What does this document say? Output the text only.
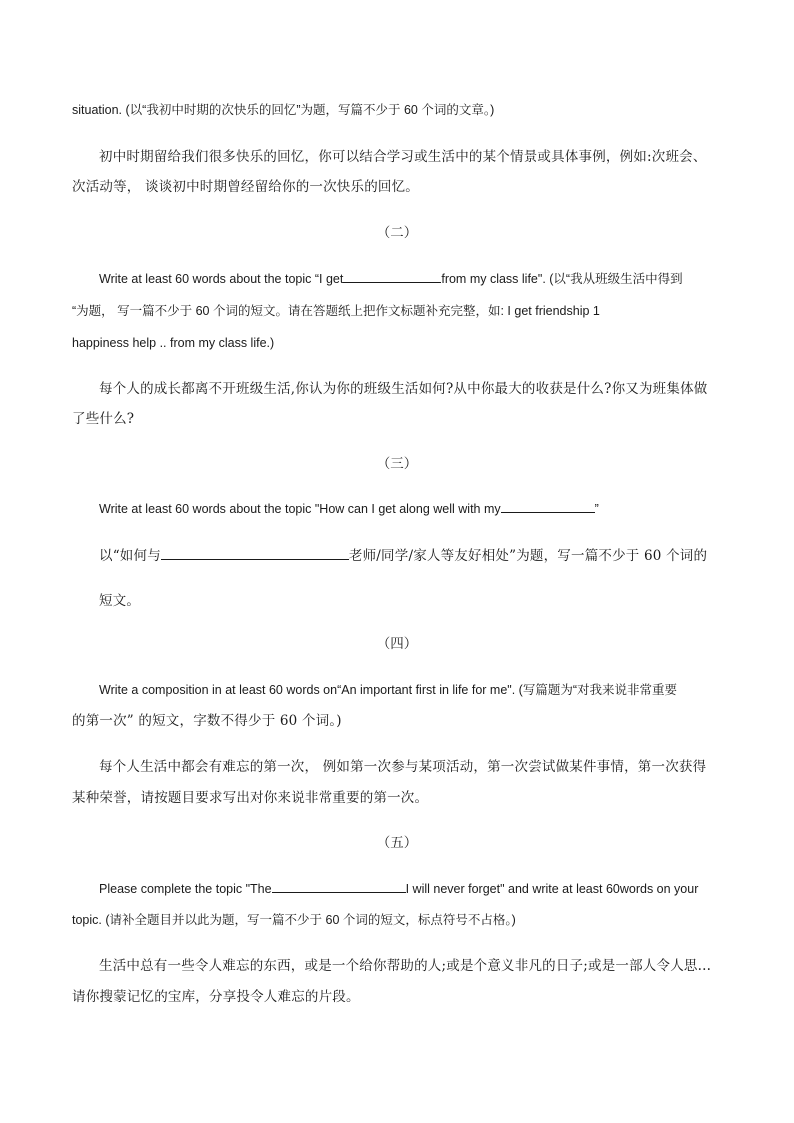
situation. (以“我初中时期的次快乐的回忆”为题，写篇不少于 60 个词的文章。)
初中时期留给我们很多快乐的回忆，你可以结合学习或生活中的某个情景或具体事例，例如:次班会、
次活动等， 谈谈初中时期曾经留给你的一次快乐的回忆。
（二）
Write at least 60 words about the topic “I get	from my class life". (以“我从班级生活中得到
“为题， 写一篇不少于 60 个词的短文。请在答题纸上把作文标题补充完整，如: I get friendship 1
happiness help .. from my class life.)
每个人的成长都离不开班级生活,你认为你的班级生活如何?从中你最大的收获是什么?你又为班集体做
了些什么?
（三）
Write at least 60 words about the topic "How can I get along well with my	”
以“如何与	老师/同学/家人等友好相处”为题，写一篇不少于 60 个词的
短文。
（四）
Write a composition in at least 60 words on“An important first in life for me". (写篇题为“对我来说非常重要
的第一次” 的短文，字数不得少于 60 个词。)
每个人生活中都会有难忘的第一次， 例如第一次参与某项活动，第一次尝试做某件事情，第一次获得
某种荣誉，请按题目要求写出对你来说非常重要的第一次。
（五）
Please complete the topic "The	I will never forget" and write at least 60words on your
topic. (请补全题目并以此为题，写一篇不少于 60 个词的短文，标点符号不占格。)
生活中总有一些令人难忘的东西，或是一个给你帮助的人;或是个意义非凡的日子;或是一部人令人思...
请你搜蒙记忆的宝库，分享投令人难忘的片段。
